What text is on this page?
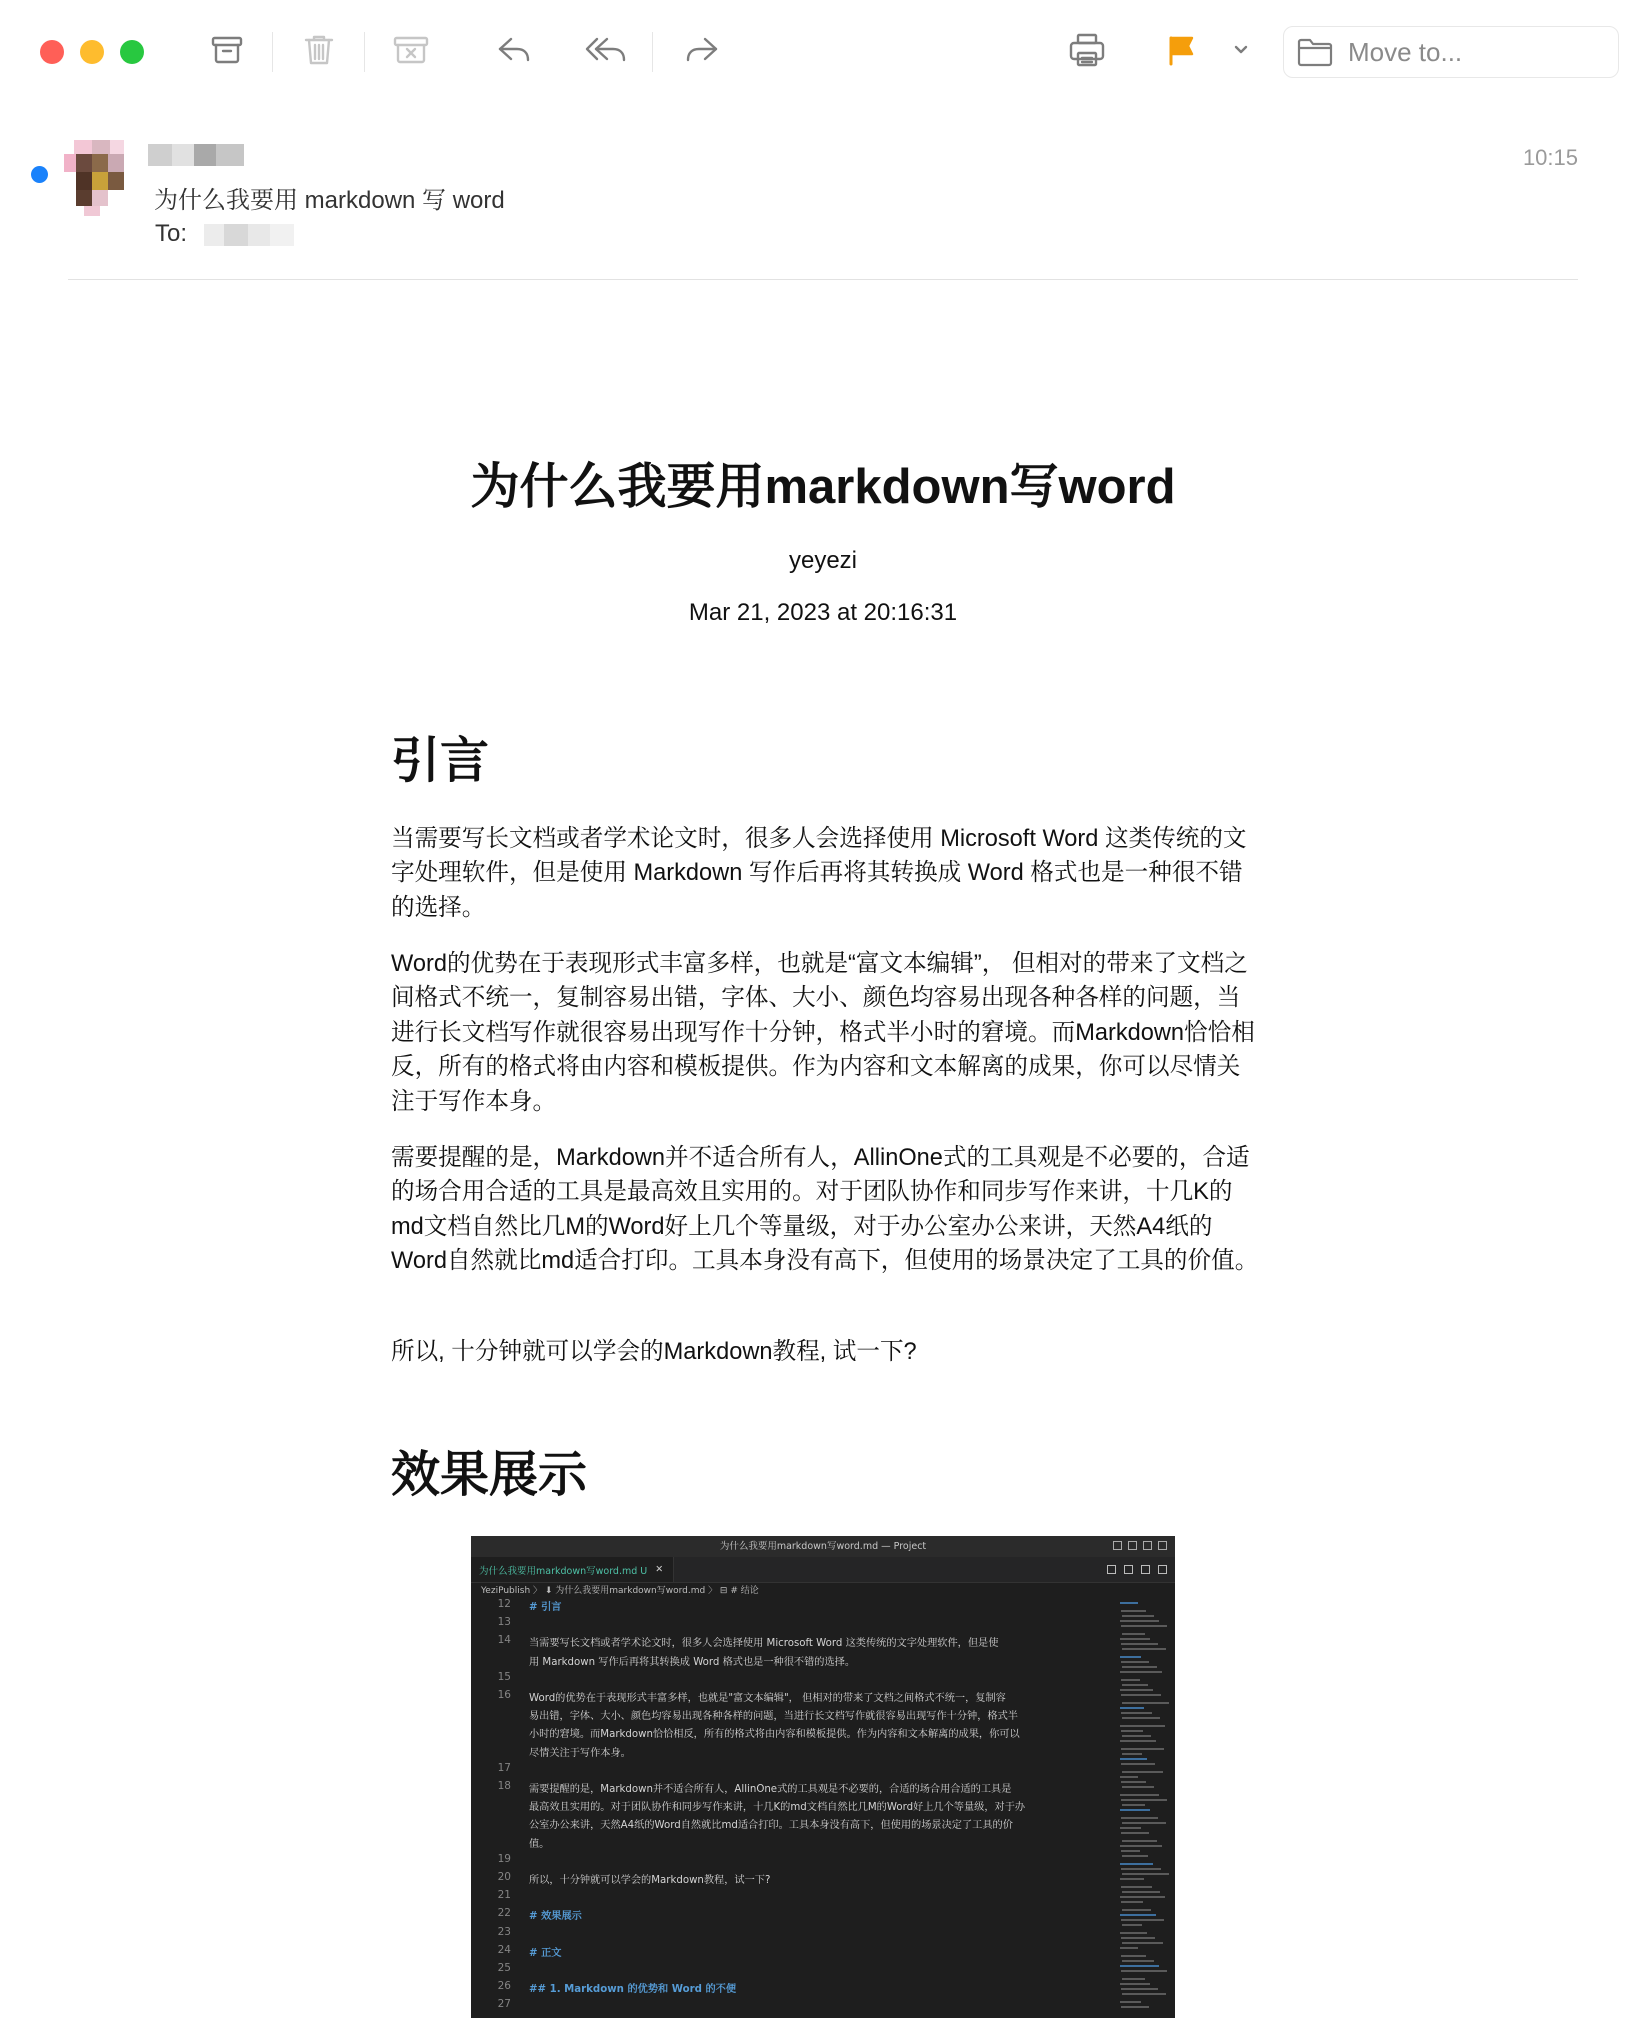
Move to...
为什么我要用 markdown 写 word
To:
10:15
为什么我要用markdown写word
yeyezi
Mar 21, 2023 at 20:16:31
引言

当需要写长文档或者学术论文时，很多人会选择使用 Microsoft Word 这类传统的文字处理软件，但是使用 Markdown 写作后再将其转换成 Word 格式也是一种很不错的选择。

Word的优势在于表现形式丰富多样，也就是“富文本编辑”， 但相对的带来了文档之间格式不统一，复制容易出错，字体、大小、颜色均容易出现各种各样的问题，当进行长文档写作就很容易出现写作十分钟，格式半小时的窘境。而Markdown恰恰相反，所有的格式将由内容和模板提供。作为内容和文本解离的成果，你可以尽情关注于写作本身。

需要提醒的是，Markdown并不适合所有人，AllinOne式的工具观是不必要的，合适的场合用合适的工具是最高效且实用的。对于团队协作和同步写作来讲，十几K的md文档自然比几M的Word好上几个等量级，对于办公室办公来讲，天然A4纸的Word自然就比md适合打印。工具本身没有高下，但使用的场景决定了工具的价值。

所以, 十分钟就可以学会的Markdown教程, 试一下?

效果展示
为什么我要用markdown写word.md — Project
为什么我要用markdown写word.md U ✕
YeziPublish 〉 ⬇ 为什么我要用markdown写word.md 〉 ⊟ # 结论
12
13
14
15
16
17
18
19
20
21
22
23
24
25
26
27
# 引言
当需要写长文档或者学术论文时，很多人会选择使用 Microsoft Word 这类传统的文字处理软件，但是使
用 Markdown 写作后再将其转换成 Word 格式也是一种很不错的选择。
Word的优势在于表现形式丰富多样，也就是"富文本编辑"， 但相对的带来了文档之间格式不统一，复制容
易出错，字体、大小、颜色均容易出现各种各样的问题，当进行长文档写作就很容易出现写作十分钟，格式半
小时的窘境。而Markdown恰恰相反，所有的格式将由内容和模板提供。作为内容和文本解离的成果，你可以
尽情关注于写作本身。
需要提醒的是，Markdown并不适合所有人，AllinOne式的工具观是不必要的，合适的场合用合适的工具是
最高效且实用的。对于团队协作和同步写作来讲，十几K的md文档自然比几M的Word好上几个等量级，对于办
公室办公来讲，天然A4纸的Word自然就比md适合打印。工具本身没有高下，但使用的场景决定了工具的价
值。
所以，十分钟就可以学会的Markdown教程，试一下?
# 效果展示
# 正文
## 1. Markdown 的优势和 Word 的不便
